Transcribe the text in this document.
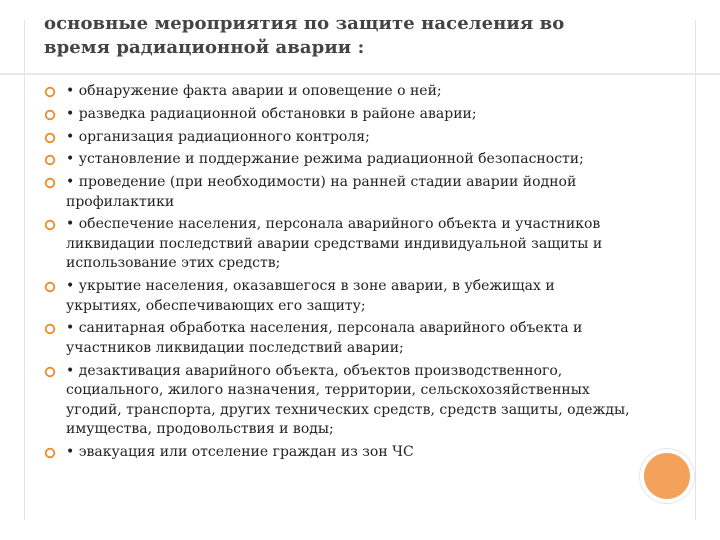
основные мероприятия по защите населения во время радиационной аварии :
• обнаружение факта аварии и оповещение о ней;
• разведка радиационной обстановки в районе аварии;
• организация радиационного контроля;
• установление и поддержание режима радиационной безопасности;
• проведение (при необходимости) на ранней стадии аварии йодной профилактики
• обеспечение населения, персонала аварийного объекта и участников ликвидации последствий аварии средствами индивидуальной защиты и использование этих средств;
• укрытие населения, оказавшегося в зоне аварии, в убежищах и укрытиях, обеспечивающих его защиту;
• санитарная обработка населения, персонала аварийного объекта и участников ликвидации последствий аварии;
• дезактивация аварийного объекта, объектов производственного, социального, жилого назначения, территории, сельскохозяйственных угодий, транспорта, других технических средств, средств защиты, одежды, имущества, продовольствия и воды;
• эвакуация или отселение граждан из зон ЧС
